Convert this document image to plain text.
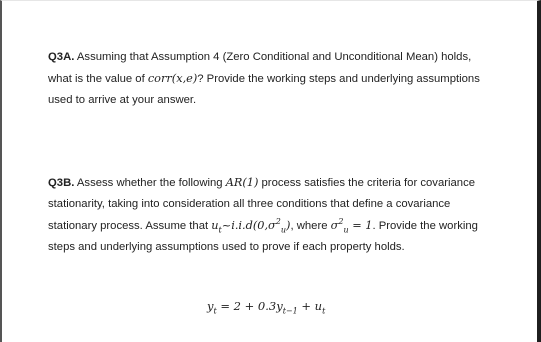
Q3A. Assuming that Assumption 4 (Zero Conditional and Unconditional Mean) holds,
what is the value of corr(x,e)? Provide the working steps and underlying assumptions
used to arrive at your answer.
Q3B. Assess whether the following AR(1) process satisfies the criteria for covariance
stationarity, taking into consideration all three conditions that define a covariance
stationary process. Assume that $u_t\sim i.i.d(0,\sigma^2_u)$, where $\sigma^2_u = 1$. Provide the working
steps and underlying assumptions used to prove if each property holds.
$y_t = 2 + 0.3y_{t-1} + u_t$
